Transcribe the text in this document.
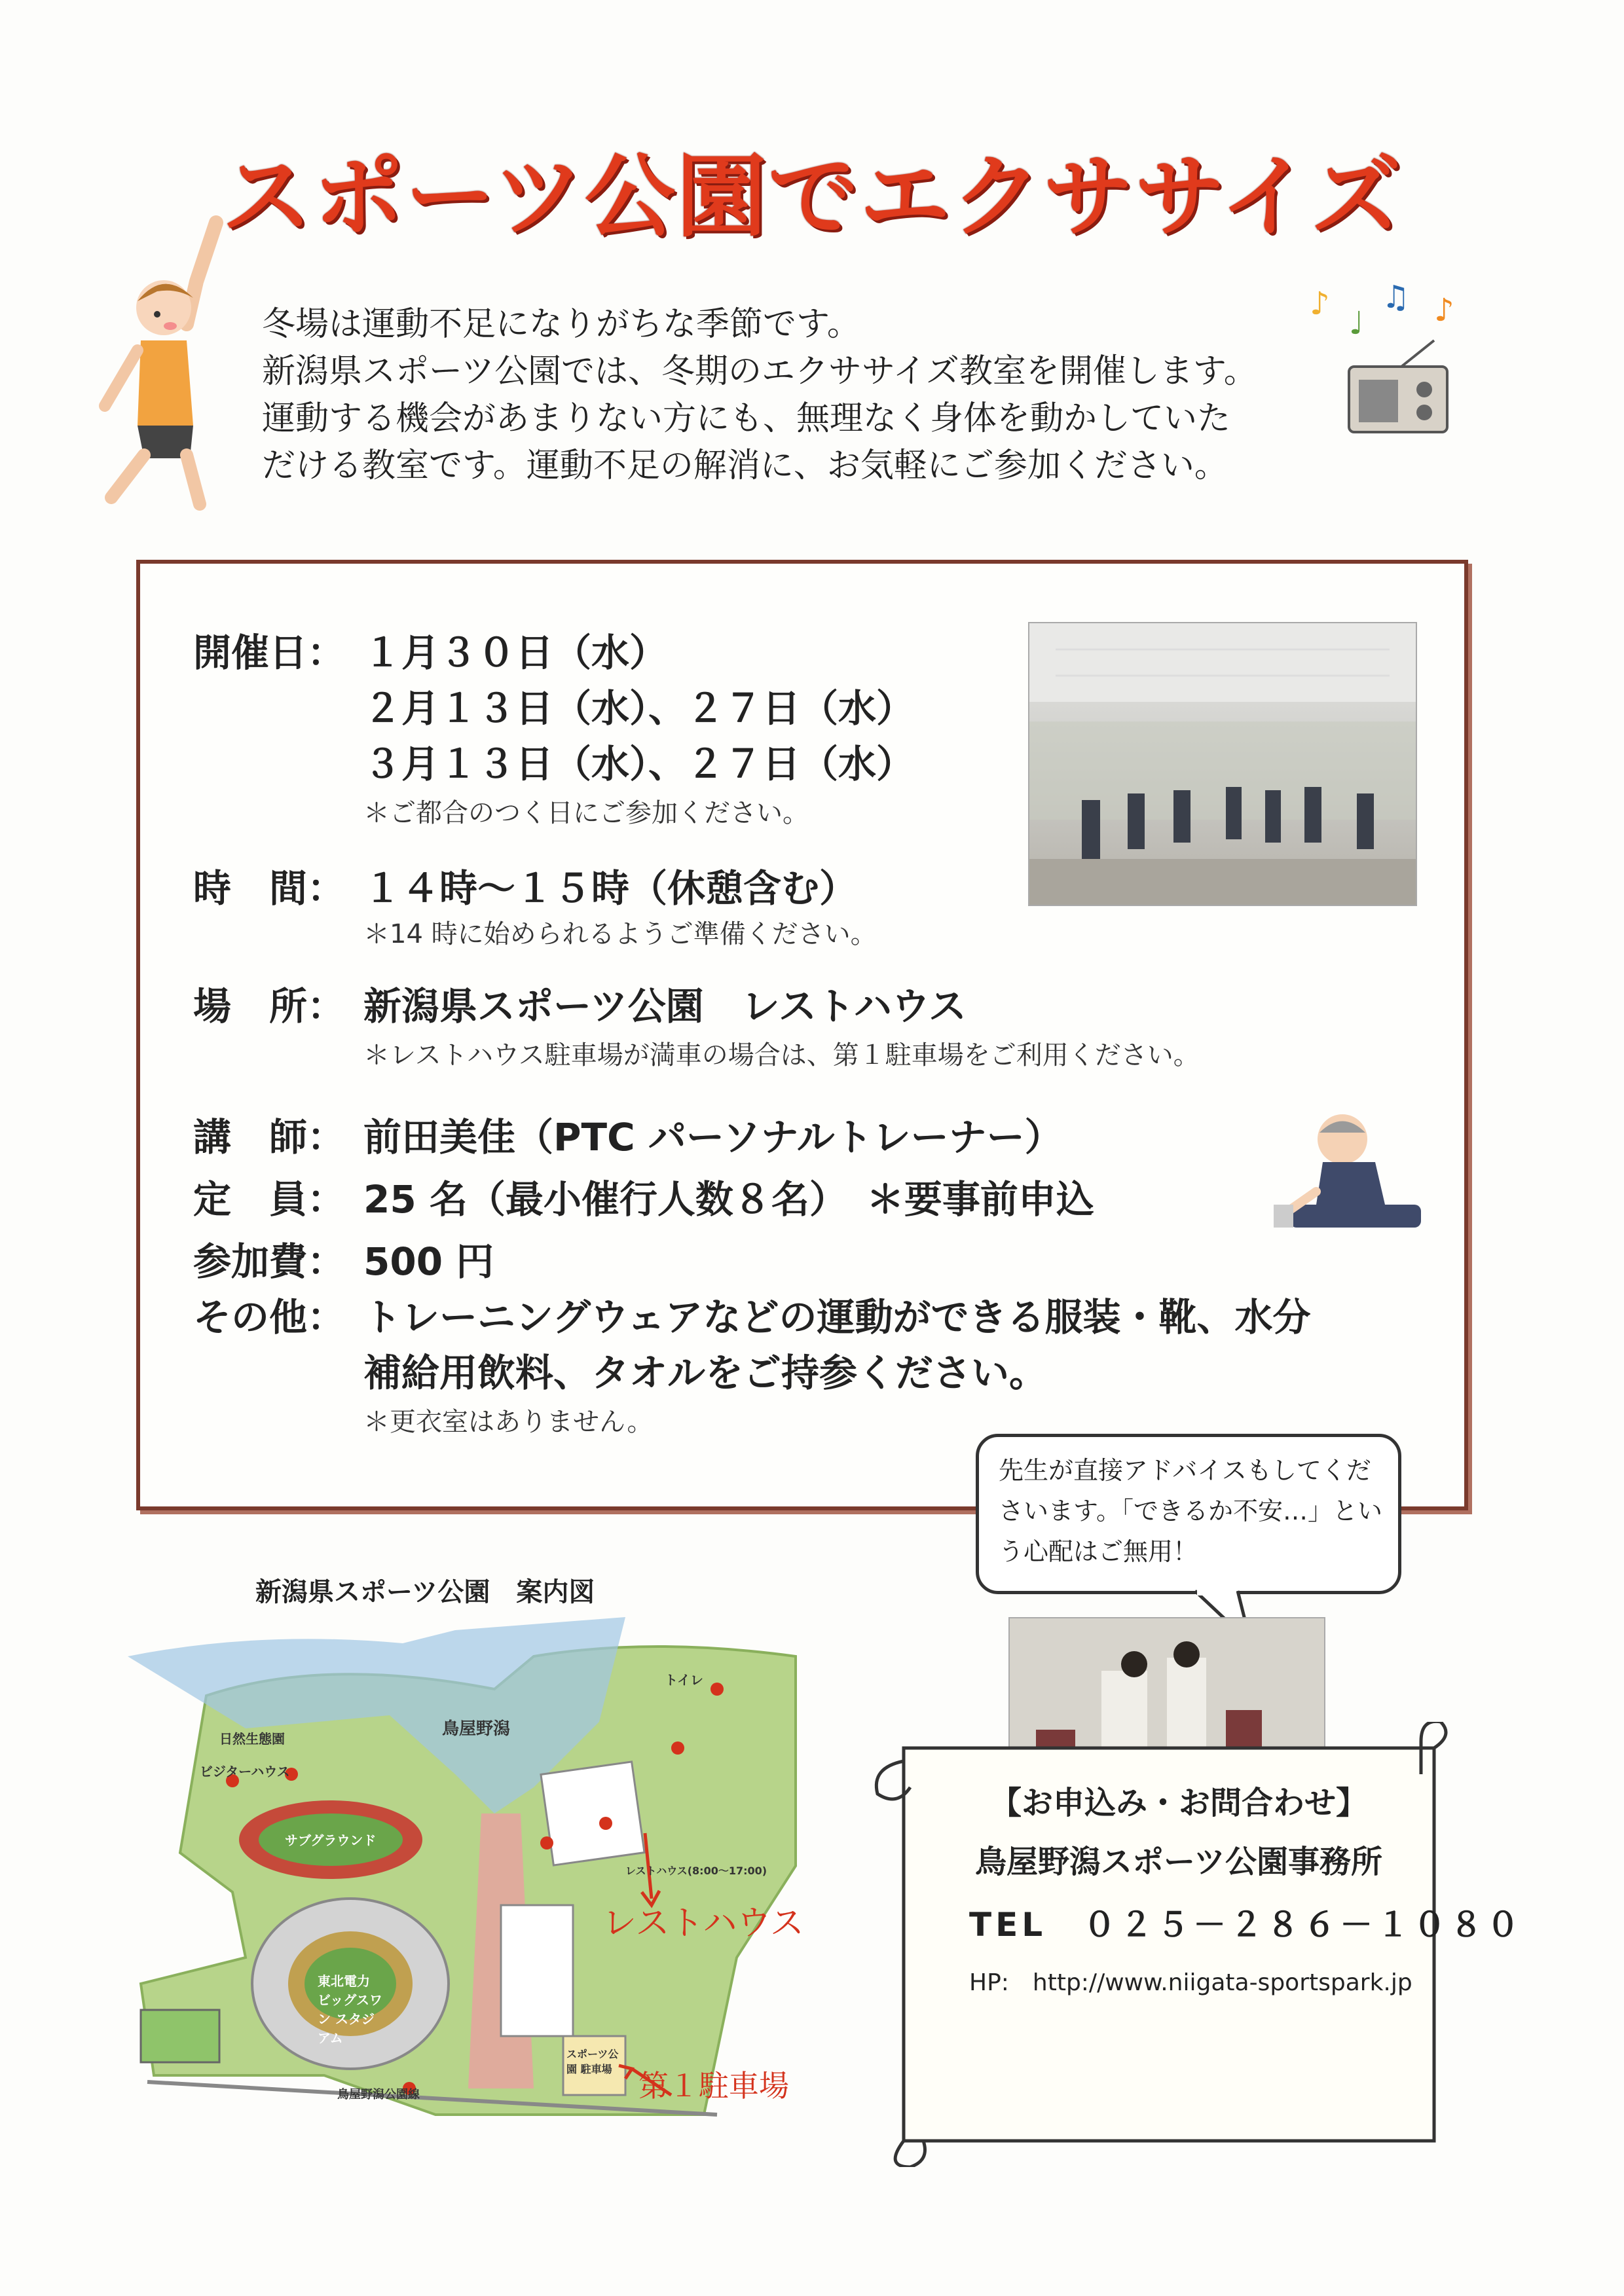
スポーツ公園でエクササイズ
冬場は運動不足になりがちな季節です。
新潟県スポーツ公園では、冬期のエクササイズ教室を開催します。
運動する機会があまりない方にも、無理なく身体を動かしていた
だける教室です。運動不足の解消に、お気軽にご参加ください。
♪
♩
♫ ♪
開催日： １月３０日（水）
２月１３日（水）、２７日（水）
３月１３日（水）、２７日（水）
＊ご都合のつく日にご参加ください。
時　間： １４時～１５時（休憩含む）
＊14 時に始められるようご準備ください。
場　所： 新潟県スポーツ公園　レストハウス
＊レストハウス駐車場が満車の場合は、第１駐車場をご利用ください。
講　師： 前田美佳（PTC パーソナルトレーナー）
定　員： 25 名（最小催行人数８名）　＊要事前申込
参加費： 500 円
その他： トレーニングウェアなどの運動ができる服装・靴、水分
補給用飲料、タオルをご持参ください。
＊更衣室はありません。
先生が直接アドバイスもしてくだ
さいます。「できるか不安…」とい
う心配はご無用！
新潟県スポーツ公園　案内図
鳥屋野潟
サブグラウンド
東北電力 ビッグスワン スタジアム
日然生態園
ビジターハウス
トイレ
レストハウス(8:00〜17:00)
スポーツ公園 駐車場
鳥屋野潟公園線
レストハウス
第１駐車場
【お申込み・お問合わせ】
鳥屋野潟スポーツ公園事務所
TEL　０２５－２８６－１０８０
HP:　http://www.niigata-sportspark.jp
